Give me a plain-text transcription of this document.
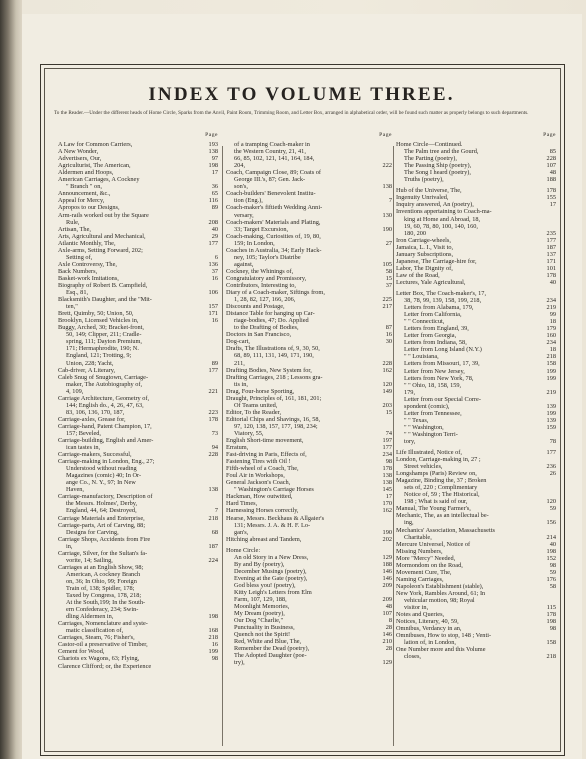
INDEX TO VOLUME THREE.
To the Reader.—Under the different heads of Home Circle, Sparks from the Anvil, Paint Room, Trimming Room, and Letter Box, arranged in alphabetical order, will be found such matter as properly belongs to such departments.
Page
A Law for Common Carriers,	193
A New Wonder,	138
Advertisers, Our,	97
Agriculturist, The American,	198
Aldermen and Hoops,	17
American Carriages, A Cockney
" Branch " on,	36
Announcement, &c.,	65
Appeal for Mercy,	116
Apropos to our Designs,	89
Arm-rails worked out by the Square
Rule,	208
Artisan, The,	40
Arts, Agricultural and Mechanical,	29
Atlantic Monthly, The,	177
Axle-arms, Setting Forward, 202;
Setting of,	6
Axle Controversy, The,	136
Back Numbers,	37
Basket-work Imitations,	16
Biography of Robert B. Campfield,
Esq., 81,	106
Blacksmith's Daughter, and the "Mit-
ten,"	157
Brett, Quimby, 50; Union, 50,	171
Brooklyn, Licensed Vehicles in,	16
Buggy, Arched, 30; Bracket-front,
50, 149; Clipper, 211; Cradle-
spring, 111; Dayton Premium,
171; Hermaphrodite, 190; N.
England, 121; Trotting, 9;
Union, 228; Yacht,	89
Cab-driver, A Literary,	177
Caleb Snug of Snugtown, Carriage-
maker, The Autobiography of,
4, 109,	221
Carriage Architecture, Geometry of,
144; English do., 4, 26, 47, 63,
83, 106, 136, 170, 187,	223
Carriage-axles, Grease for,	178
Carriage-hand, Patent Champion, 17,
157; Beveled,	73
Carriage-building, English and Amer-
ican tastes in,	94
Carriage-makers, Successful,	228
Carriage-making in London, Eng., 27;
Understood without reading
Magazines (comic) 40; In Or-
ange Co., N. Y., 97; In New
Haven,	138
Carriage-manufactory, Description of
the Messrs. Holmes', Derby,
England, 44, 64; Destroyed,	7
Carriage Materials and Enterprise,	218
Carriage-parts, Art of Carving, 88;
Designs for Carving,	68
Carriage Shops, Accidents from Fire
in,	187
Carriage, Silver, for the Sultan's fa-
vorite, 14; Sailing,	224
Carriages at an English Show, 98;
American, A cockney Branch
on, 36; In Ohio, 99; Foreign
Train of, 138; Spidler, 178;
Taxed by Congress, 178, 218;
At the South,199; In the South-
ern Confederacy, 234; Swin-
dling Aldermen in,	198
Carriages, Nomenclature and syste-
matic classification of,	168
Carriages, Steam, 76; Fisher's,	218
Castor-oil a preservative of Timber,	16
Cement for Wood,	199
Chariots ex Wagons, 63; Flying,	98
Clarence Clifford; or, the Experience
Page
of a tramping Coach-maker in
the Western Country, 21, 41,
66, 85, 102, 121, 141, 164, 184,
204,	222
Coach, Campaign Close, 89; Coats of
George III.'s, 87; Gen. Jack-
son's,	138
Coach-builders' Benevolent Institu-
tion (Eng.),	7
Coach-maker's fiftieth Wedding Anni-
versary,	130
Coach-makers' Materials and Plating,
33; Target Excursion,	190
Coach-making, Curiosities of, 19, 80,
159; In London,	27
Coaches in Australia, 34; Early Hack-
ney, 105; Taylor's Diatribe
against,	105
Cockney, the Whinings of,	58
Congratulatory and Promissory,	15
Contributors, Interesting to,	37
Diary of a Coach-maker, Siftings from,
1, 28, 82, 127, 166, 206,	225
Discounts and Postage,	217
Distance Table for hanging up Car-
riage-bodies, 47; Do. Applied
to the Drafting of Bodies,	87
Doctors in San Francisco,	16
Dog-cart,	30
Drafts, The Illustrations of, 9, 30, 50,
68, 89, 111, 131, 149, 171, 190,
211,	228
Drafting Bodies, New System for,	162
Drafting Carriages, 218 ; Lessons gra-
tis in,	120
Drag, Four-horse Sporting,	149
Draught, Principles of, 161, 181, 201;
Of Teams united,	203
Editor, To the Reader,	15
Editorial Chips and Shavings, 16, 58,
97, 120, 138, 157, 177, 198, 234;
Viatory, 55,	74
English Short-time movement,	197
Erratum,	177
Fast-driving in Paris, Effects of,	234
Fastening Tires with Oil !	98
Fifth-wheel of a Coach, The,	178
Foul Air in Workshops,	138
General Jackson's Coach,	138
" Washington's Carriage Horses	145
Hackman, How outwitted,	17
Hard Times,	170
Harnessing Horses correctly,	162
Hearse, Messrs. Beckhaus & Allgaier's
131; Messrs. J. A. & H. F. Lo-
gan's,	190
Hitching abreast and Tandem,	202
Home Circle:
An old Story in a New Dress,	129
By and By (poetry),	188
December Musings (poetry),	146
Evening at the Gate (poetry),	146
God bless you! (poetry),	209
Kitty Leigh's Letters from Elm
Farm, 107, 129, 188,	209
Moonlight Memories,	48
My Dream (poetry),	107
Our Dog "Charlie,"	8
Punctuality in Business,	28
Quench not the Spirit!	146
Red, White and Blue, The,	210
Remember the Dead (poetry),	28
The Adopted Daughter (poe-
try),	129
Page
Home Circle—Continued.
The Palm tree and the Gourd,	85
The Parting (poetry),	228
The Passing Ship (poetry),	107
The Song I heard (poetry),	48
Truths (poetry),	188
Hub of the Universe, The,	178
Ingenuity Unrivaled,	155
Inquiry answered, An (poetry),	17
Inventions appertaining to Coach-ma-
king at Home and Abroad, 18,
19, 60, 78, 80, 100, 140, 160,
180, 200	235
Iron Carriage-wheels,	177
Jamaica, L. I., Visit to,	187
January Subscriptions,	137
Japanese, The Carriage-hire for,	171
Labor, The Dignity of,	101
Law of the Road,	178
Lectures, Yale Agricultural,	40
Letter Box, The Coach-maker's, 17,
38, 78, 99, 139, 158, 199, 218,	234
Letters from Alabama, 179,	219
Letter from California,	99
" " Connecticut,	18
Letters from England, 39,	179
Letter from Georgia,	160
Letters from Indiana, 58,	234
Letter from Long Island (N.Y.)	18
" " Louisiana,	218
Letters from Missouri, 17, 39,	158
Letter from New Jersey,	199
Letters from New York, 78,	199
" " Ohio, 18, 158, 159,
179,	219
Letter from our Special Corre-
spondent (comic),	139
Letter from Tennessee,	199
" " Texas,	139
" " Washington,	159
" " Washington Terri-
tory,	78
Life Illustrated, Notice of,	177
London, Carriage-making in, 27 ;
Street vehicles,	236
Longshamps (Paris) Review on,	26
Magazine, Binding the, 37 ; Broken
sets of, 220 ; Complimentary
Notice of, 59 ; The Historical,
198 ; What is said of our,	120
Manual, The Young Farmer's,	59
Mechanic, The, as an intellectual be-
ing,	156
Mechanics' Association, Massachusetts
Charitable,	214
Mercure Universel, Notice of	40
Missing Numbers,	198
More "Mercy" Needed,	152
Mormondom on the Road,	98
Movement Cure, The,	59
Naming Carriages,	176
Napoleon's Establishment (stable),	58
New York, Rambles Around, 61; In
vehicular motion, 98; Royal
visitor in,	115
Notes and Queries,	178
Notices, Literary, 40, 59,	198
Omnibus, Verdancy in an,	98
Omnibuses, How to stop, 148 ; Venti-
lation of, in London,	158
One Number more and this Volume
closes,	218
